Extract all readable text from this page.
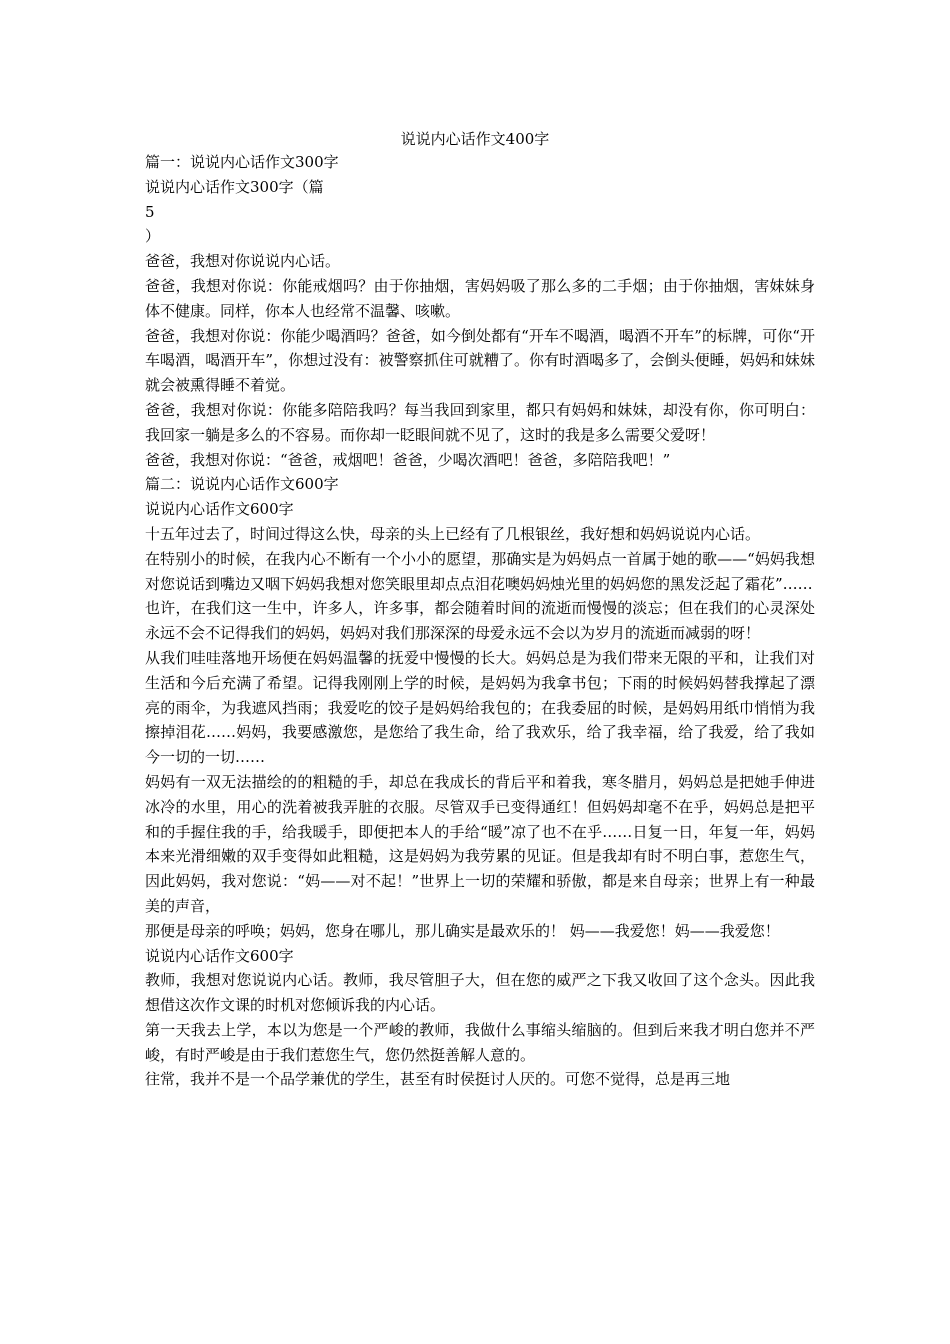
说说内心话作文400字

篇一：说说内心话作文300字

说说内心话作文300字（篇

5

）

爸爸，我想对你说说内心话。

爸爸，我想对你说：你能戒烟吗？由于你抽烟，害妈妈吸了那么多的二手烟；由于你抽烟，害妹妹身体不健康。同样，你本人也经常不温馨、咳嗽。

爸爸，我想对你说：你能少喝酒吗？爸爸，如今倒处都有“开车不喝酒，喝酒不开车”的标牌，可你“开车喝酒，喝酒开车”，你想过没有：被警察抓住可就糟了。你有时酒喝多了，会倒头便睡，妈妈和妹妹就会被熏得睡不着觉。

爸爸，我想对你说：你能多陪陪我吗？每当我回到家里，都只有妈妈和妹妹，却没有你，你可明白：我回家一躺是多么的不容易。而你却一眨眼间就不见了，这时的我是多么需要父爱呀！

爸爸，我想对你说：“爸爸，戒烟吧！爸爸，少喝次酒吧！爸爸，多陪陪我吧！”

篇二：说说内心话作文600字

说说内心话作文600字

十五年过去了，时间过得这么快，母亲的头上已经有了几根银丝，我好想和妈妈说说内心话。

在特别小的时候，在我内心不断有一个小小的愿望，那确实是为妈妈点一首属于她的歌——“妈妈我想对您说话到嘴边又咽下妈妈我想对您笑眼里却点点泪花噢妈妈烛光里的妈妈您的黑发泛起了霜花”……

也许，在我们这一生中，许多人，许多事，都会随着时间的流逝而慢慢的淡忘；但在我们的心灵深处永远不会不记得我们的妈妈，妈妈对我们那深深的母爱永远不会以为岁月的流逝而减弱的呀！

从我们哇哇落地开场便在妈妈温馨的抚爱中慢慢的长大。妈妈总是为我们带来无限的平和，让我们对生活和今后充满了希望。记得我刚刚上学的时候，是妈妈为我拿书包；下雨的时候妈妈替我撑起了漂亮的雨伞，为我遮风挡雨；我爱吃的饺子是妈妈给我包的；在我委屈的时候，是妈妈用纸巾悄悄为我擦掉泪花……妈妈，我要感激您，是您给了我生命，给了我欢乐，给了我幸福，给了我爱，给了我如今一切的一切……

妈妈有一双无法描绘的的粗糙的手，却总在我成长的背后平和着我，寒冬腊月，妈妈总是把她手伸进冰冷的水里，用心的洗着被我弄脏的衣服。尽管双手已变得通红！但妈妈却毫不在乎，妈妈总是把平和的手握住我的手，给我暖手，即便把本人的手给“暖”凉了也不在乎……日复一日，年复一年，妈妈本来光滑细嫩的双手变得如此粗糙，这是妈妈为我劳累的见证。但是我却有时不明白事，惹您生气，因此妈妈，我对您说：“妈——对不起！”世界上一切的荣耀和骄傲，都是来自母亲；世界上有一种最美的声音，

那便是母亲的呼唤；妈妈，您身在哪儿，那儿确实是最欢乐的！ 妈——我爱您！妈——我爱您！

说说内心话作文600字

教师，我想对您说说内心话。教师，我尽管胆子大，但在您的威严之下我又收回了这个念头。因此我想借这次作文课的时机对您倾诉我的内心话。

第一天我去上学，本以为您是一个严峻的教师，我做什么事缩头缩脑的。但到后来我才明白您并不严峻，有时严峻是由于我们惹您生气，您仍然挺善解人意的。

往常，我并不是一个品学兼优的学生，甚至有时侯挺讨人厌的。可您不觉得，总是再三地
